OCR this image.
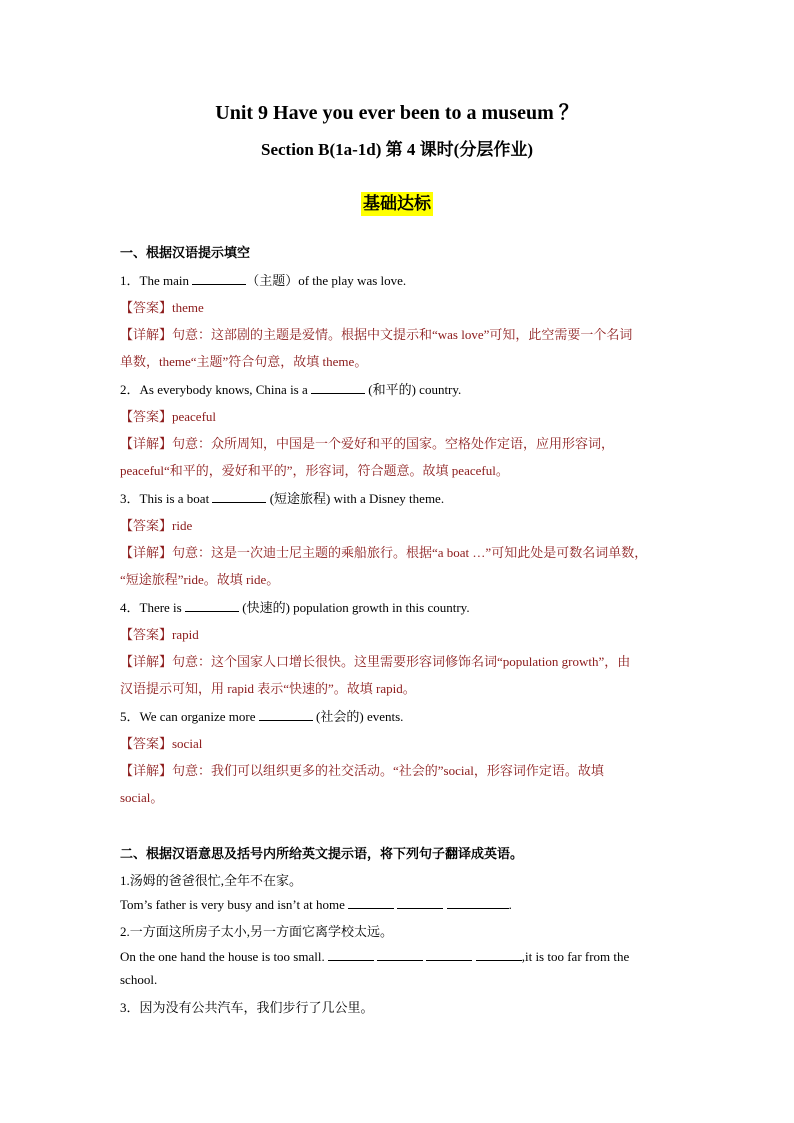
Unit 9 Have you ever been to a museum ？
Section B(1a-1d) 第 4 课时(分层作业)
基础达标
一、根据汉语提示填空
1．The main	（主题）of the play was love.
【答案】theme
【详解】句意：这部剧的主题是爱情。根据中文提示和“was love”可知，此空需要一个名词
单数，theme“主题”符合句意，故填 theme。
2．As everybody knows, China is a	(和平的) country.
【答案】peaceful
【详解】句意：众所周知，中国是一个爱好和平的国家。空格处作定语，应用形容词，
peaceful“和平的，爱好和平的”，形容词，符合题意。故填 peaceful。
3．This is a boat	(短途旅程) with a Disney theme.
【答案】ride
【详解】句意：这是一次迪士尼主题的乘船旅行。根据“a boat …”可知此处是可数名词单数，
“短途旅程”ride。故填 ride。
4．There is	(快速的) population growth in this country.
【答案】rapid
【详解】句意：这个国家人口增长很快。这里需要形容词修饰名词“population growth”，由
汉语提示可知，用 rapid 表示“快速的”。故填 rapid。
5．We can organize more	(社会的) events.
【答案】social
【详解】句意：我们可以组织更多的社交活动。“社会的”social，形容词作定语。故填
social。
二、根据汉语意思及括号内所给英文提示语，将下列句子翻译成英语。
1.汤姆的爸爸很忙,全年不在家。
Tom’s father is very busy and isn’t at home	.
2.一方面这所房子太小,另一方面它离学校太远。
On the one hand the house is too small.	,it is too far from the
school.
3．因为没有公共汽车，我们步行了几公里。
